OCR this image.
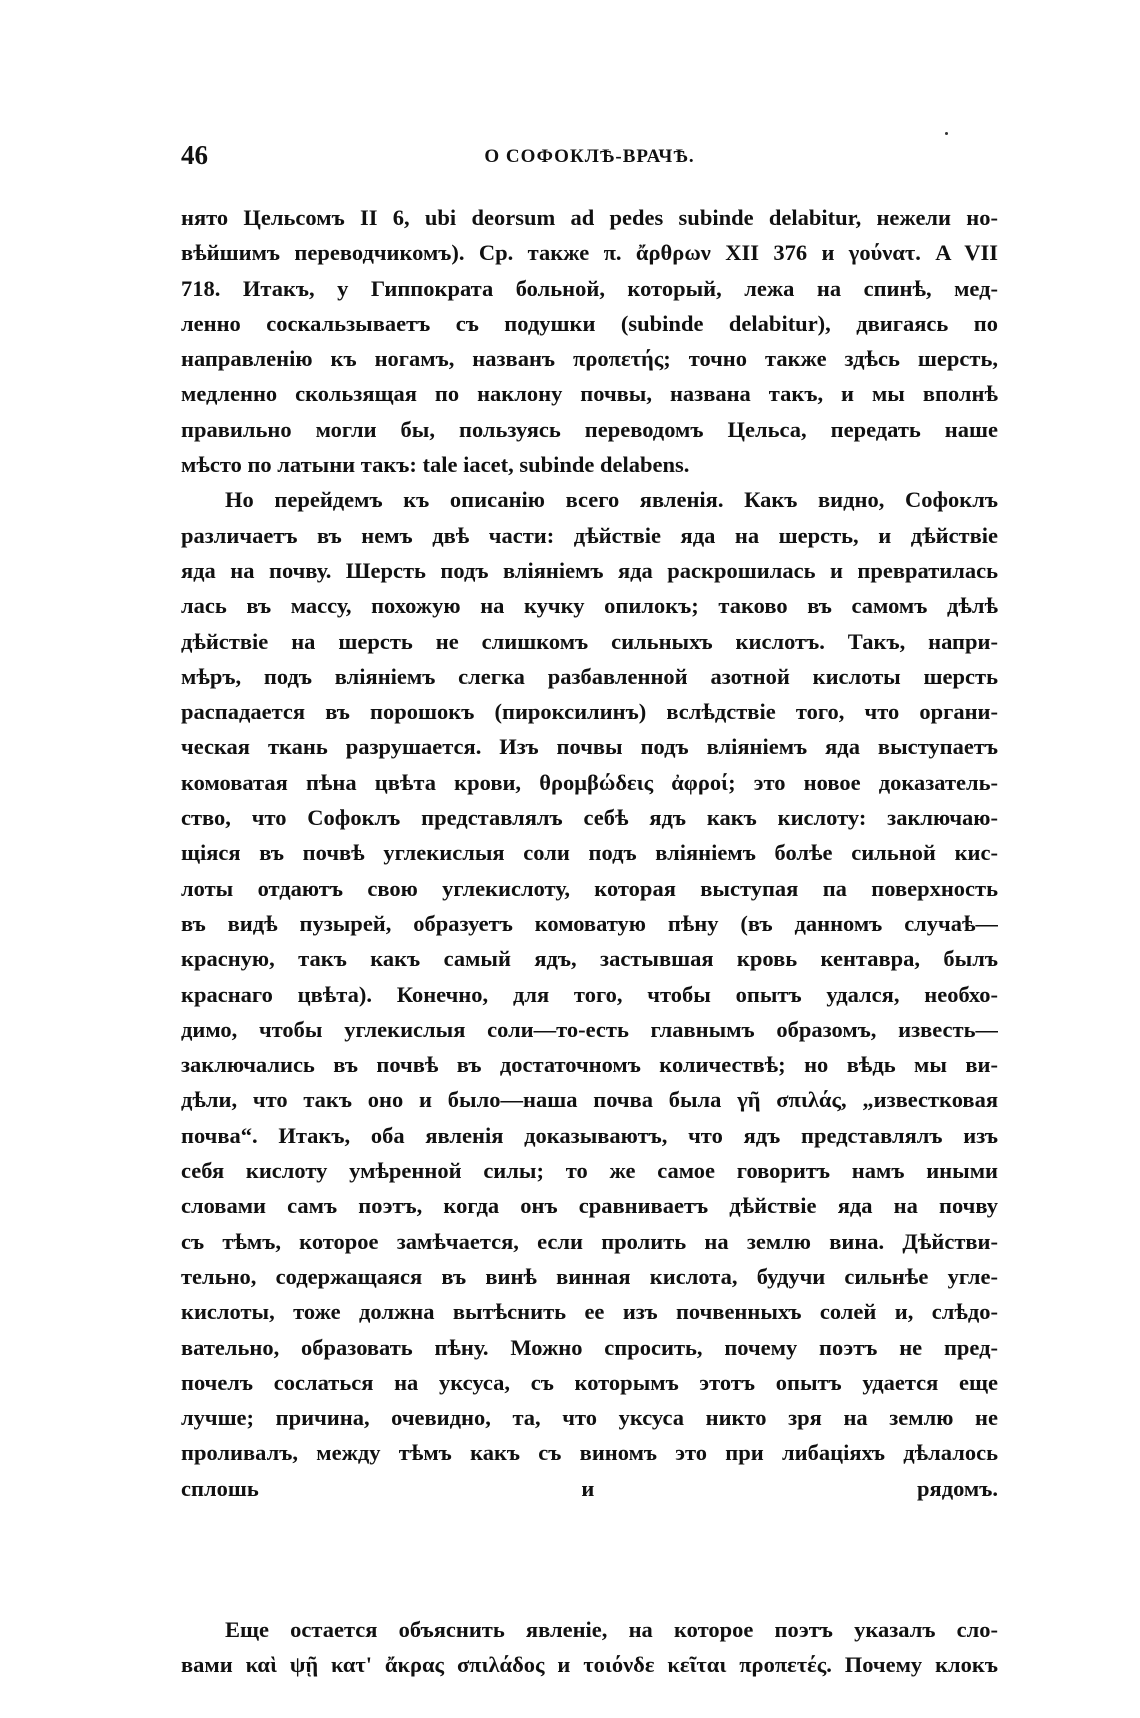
46	О СОФОКЛѢ-ВРАЧѢ.
нято Цельсомъ II 6, ubi deorsum ad pedes subinde delabitur, нежели но-
вѣйшимъ переводчикомъ). Ср. также π. ἄρθρων XII 376 и γούνατ. A VII
718. Итакъ, у Гиппократа больной, который, лежа на спинѣ, мед-
ленно соскальзываетъ съ подушки (subinde delabitur), двигаясь по
направленію къ ногамъ, названъ προπετής; точно также здѣсь шерсть,
медленно скользящая по наклону почвы, названа такъ, и мы вполнѣ
правильно могли бы, пользуясь переводомъ Цельса, передать наше
мѣсто по латыни такъ: tale iacet, subinde delabens.
Но перейдемъ къ описанію всего явленія. Какъ видно, Софоклъ
различаетъ въ немъ двѣ части: дѣйствіе яда на шерсть, и дѣйствіе
яда на почву. Шерсть подъ вліяніемъ яда раскрошилась и превратилась
лась въ массу, похожую на кучку опилокъ; таково въ самомъ дѣлѣ
дѣйствіе на шерсть не слишкомъ сильныхъ кислотъ. Такъ, напри-
мѣръ, подъ вліяніемъ слегка разбавленной азотной кислоты шерсть
распадается въ порошокъ (пироксилинъ) вслѣдствіе того, что органи-
ческая ткань разрушается. Изъ почвы подъ вліяніемъ яда выступаетъ
комоватая пѣна цвѣта крови, θρομβώδεις ἀφροί; это новое доказатель-
ство, что Софоклъ представлялъ себѣ ядъ какъ кислоту: заключаю-
щіяся въ почвѣ углекислыя соли подъ вліяніемъ болѣе сильной кис-
лоты отдаютъ свою углекислоту, которая выступая па поверхность
въ видѣ пузырей, образуетъ комоватую пѣну (въ данномъ случаѣ—
красную, такъ какъ самый ядъ, застывшая кровь кентавра, былъ
краснаго цвѣта). Конечно, для того, чтобы опытъ удался, необхо-
димо, чтобы углекислыя соли—то-есть главнымъ образомъ, известь—
заключались въ почвѣ въ достаточномъ количествѣ; но вѣдь мы ви-
дѣли, что такъ оно и было—наша почва была γῆ σπιλάς, „известковая
почва“. Итакъ, оба явленія доказываютъ, что ядъ представлялъ изъ
себя кислоту умѣренной силы; то же самое говоритъ намъ иными
словами самъ поэтъ, когда онъ сравниваетъ дѣйствіе яда на почву
съ тѣмъ, которое замѣчается, если пролить на землю вина. Дѣйстви-
тельно, содержащаяся въ винѣ винная кислота, будучи сильнѣе угле-
кислоты, тоже должна вытѣснить ее изъ почвенныхъ солей и, слѣдо-
вательно, образовать пѣну. Можно спросить, почему поэтъ не пред-
почелъ сослаться на уксуса, съ которымъ этотъ опытъ удается еще
лучше; причина, очевидно, та, что уксуса никто зря на землю не
проливалъ, между тѣмъ какъ съ виномъ это при либаціяхъ дѣлалось
сплошь и рядомъ.
Еще остается объяснить явленіе, на которое поэтъ указалъ сло-
вами καὶ ψῇ κατ' ἄκρας σπιλάδος и τοιόνδε κεῖται προπετές. Почему клокъ
